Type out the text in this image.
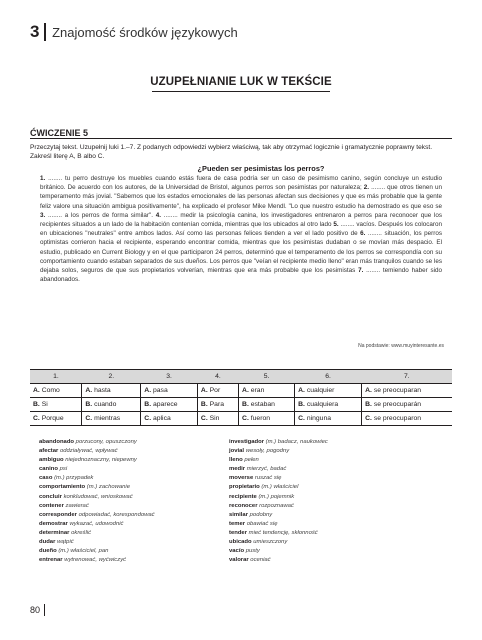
3 Znajomość środków językowych
UZUPEŁNIANIE LUK W TEKŚCIE
ĆWICZENIE 5
Przeczytaj tekst. Uzupełnij luki 1.–7. Z podanych odpowiedzi wybierz właściwą, tak aby otrzymać logicznie i gramatycznie poprawny tekst. Zakreśl literę A, B albo C.
¿Pueden ser pesimistas los perros?
1. ........ tu perro destruye los muebles cuando estás fuera de casa podría ser un caso de pesimismo canino, según concluye un estudio británico. De acuerdo con los autores, de la Universidad de Bristol, algunos perros son pesimistas por naturaleza; 2. ........ que otros tienen un temperamento más jovial. "Sabemos que los estados emocionales de las personas afectan sus decisiones y que es más probable que la gente feliz valore una situación ambigua positivamente", ha explicado el profesor Mike Mendl. "Lo que nuestro estudio ha demostrado es que eso se 3. ........ a los perros de forma similar". 4. ........ medir la psicología canina, los investigadores entrenaron a perros para reconocer que los recipientes situados a un lado de la habitación contenían comida, mientras que los ubicados al otro lado 5. ........ vacíos. Después los colocaron en ubicaciones "neutrales" entre ambos lados. Así como las personas felices tienden a ver el lado positivo de 6. ........ situación, los perros optimistas corrieron hacia el recipiente, esperando encontrar comida, mientras que los pesimistas dudaban o se movían más despacio. El estudio, publicado en Current Biology y en el que participaron 24 perros, determinó que el temperamento de los perros se correspondía con su comportamiento cuando estaban separados de sus dueños. Los perros que "veían el recipiente medio lleno" eran más tranquilos cuando se les dejaba solos, seguros de que sus propietarios volverían, mientras que era más probable que los pesimistas 7. ........ temiendo haber sido abandonados.
Na podstawie: www.muyinteresante.es
1.	2.	3.	4.	5.	6.	7.
A. Como	A. hasta	A. pasa	A. Por	A. eran	A. cualquier	A. se preocuparan
B. Si	B. cuando	B. aparece	B. Para	B. estaban	B. cualquiera	B. se preocuparán
C. Porque	C. mientras	C. aplica	C. Sin	C. fueron	C. ninguna	C. se preocuparon
abandonado porzucony, opuszczony
afectar oddziaływać, wpływać
ambiguo niejednoznaczny, niepewny
canino psi
caso (m.) przypadek
comportamiento (m.) zachowanie
concluir konkludować, wnioskować
contener zawierać
corresponder odpowiadać, korespondować
demostrar wykazać, udowodnić
determinar określić
dudar wątpić
dueño (m.) właściciel, pan
entrenar wytrenować, wyćwiczyć
investigador (m.) badacz, naukowiec
jovial wesoły, pogodny
lleno pełen
medir mierzyć, badać
moverse ruszać się
propietario (m.) właściciel
recipiente (m.) pojemnik
reconocer rozpoznawać
similar podobny
temer obawiać się
tender mieć tendencję, skłonność
ubicado umieszczony
vacío pusty
valorar oceniać
80
